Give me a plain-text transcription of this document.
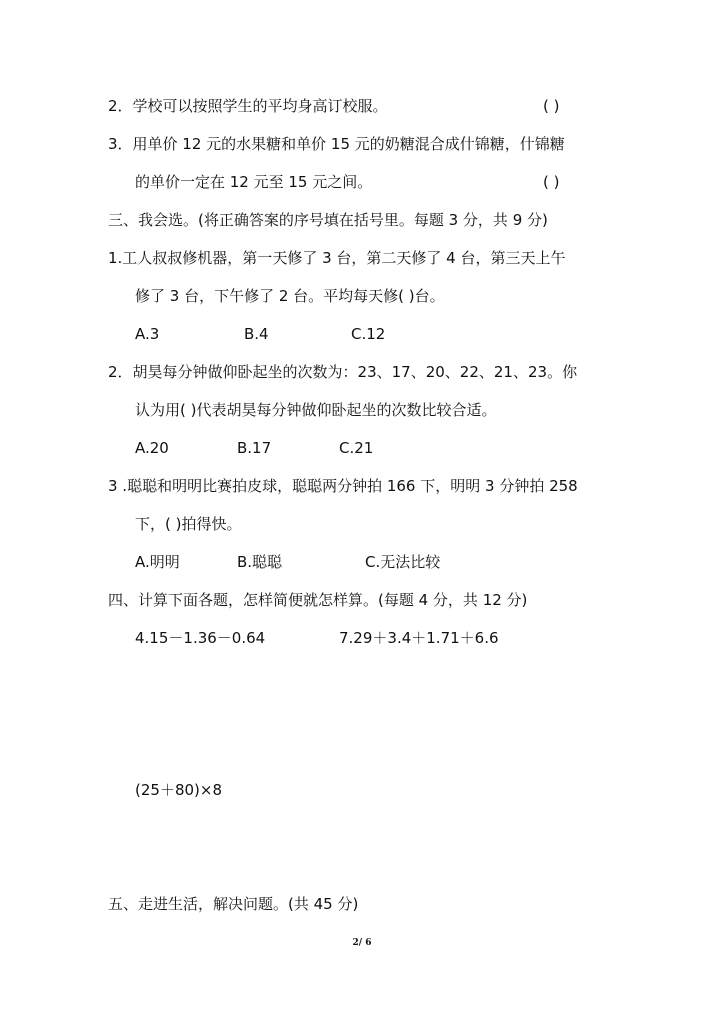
2．学校可以按照学生的平均身高订校服。	( )
3．用单价 12 元的水果糖和单价 15 元的奶糖混合成什锦糖，什锦糖
的单价一定在 12 元至 15 元之间。	( )
三、我会选。(将正确答案的序号填在括号里。每题 3 分，共 9 分)
1.工人叔叔修机器，第一天修了 3 台，第二天修了 4 台，第三天上午
修了 3 台，下午修了 2 台。平均每天修( )台。
A.3	B.4	C.12
2．胡昊每分钟做仰卧起坐的次数为：23、17、20、22、21、23。你
认为用( )代表胡昊每分钟做仰卧起坐的次数比较合适。
A.20	B.17	C.21
3 .聪聪和明明比赛拍皮球，聪聪两分钟拍 166 下，明明 3 分钟拍 258
下，( )拍得快。
A.明明	B.聪聪	C.无法比较
四、计算下面各题，怎样简便就怎样算。(每题 4 分，共 12 分)
4.15－1.36－0.64	7.29＋3.4＋1.71＋6.6
(25＋80)×8
五、走进生活，解决问题。(共 45 分)
2/ 6
